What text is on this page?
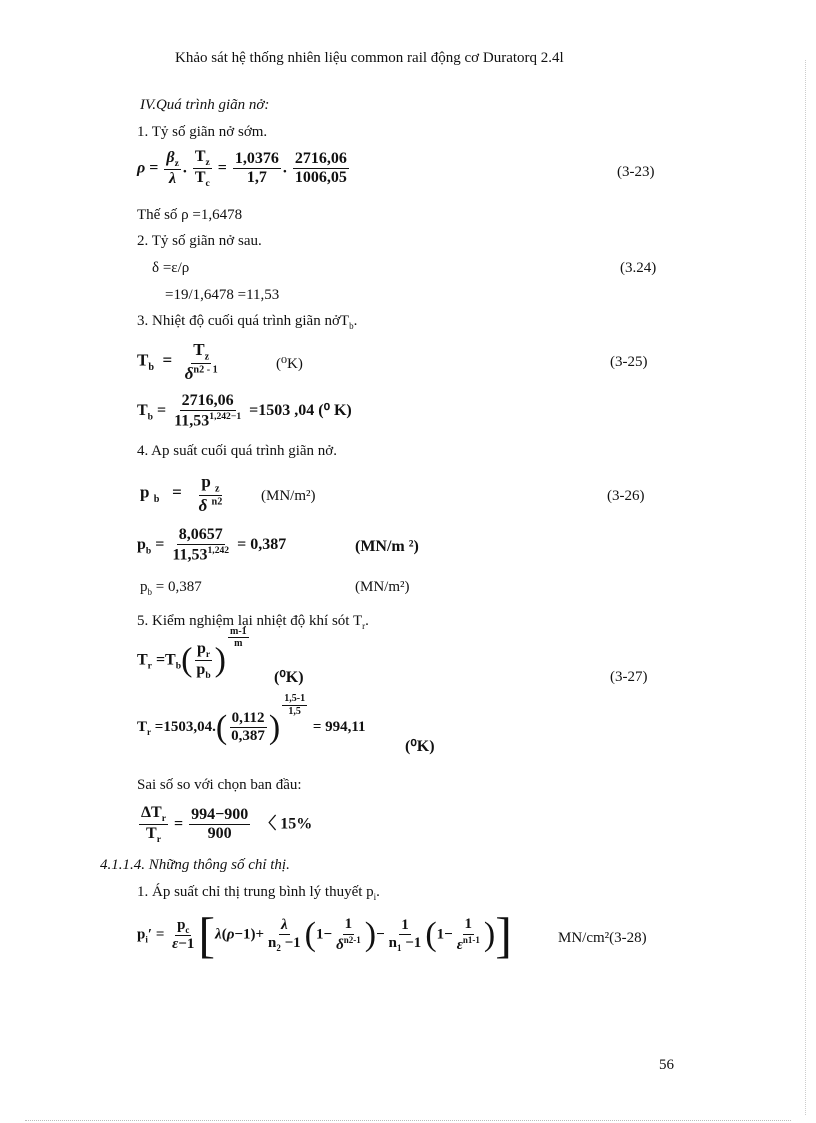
Khảo sát hệ thống nhiên liệu common rail động cơ Duratorq 2.4l
IV.Quá trình giãn nở:
1. Tỷ số giãn nở sớm.
$\rho = \frac{\beta_z}{\lambda}$ . $\frac{T_z}{T_c} = \frac{1,0376}{1,7}$ . $\frac{2716,06}{1006,05}$	(3-23)
Thế số ρ =1,6478
2. Tỷ số giãn nở sau.
δ =ε/ρ	(3.24)
=19/1,6478 =11,53
3. Nhiệt độ cuối quá trình giãn nởT$_b$.
$T_b = \frac{T_z}{\delta^{n2 - 1}}$	(⁰K)	(3-25)
$T_b = \frac{2716,06}{11,53^{1,242-1}} =1503$ ,04 (⁰ K)
4. Ap suất cuối quá trình giãn nở.
p $_b = \frac{p _z}{\delta ^{n2}} (MN/m^2)$	(3-26)
$p_b = \frac{8,0657}{11,53^{1,242}} = 0,387$	(MN/m ²)
$p_b = 0,387$	(MN/m²)
5. Kiểm nghiệm lại nhiệt độ khí sót $T_r$.
$T_r =T_b( \frac{p_r}{p_b}$ )
$^{\frac{m-1}{m}}$
(⁰K)	(3-27)
$T_r =1503,04.( \frac{0,112}{0,387}$ )
$^{\frac{1,5-1}{1,5}}$
= 994,11
(⁰K)
Sai số so với chọn ban đầu:
$\frac{\Delta T_r}{T_r} = \frac{994-900}{900}$ 〈 15%
4.1.1.4. Những thông số chỉ thị.
1. Áp suất chỉ thị trung bình lý thuyết $p_i$.
$p_i' = \frac{p_c}{\varepsilon-1} [\lambda(\rho-1)+ \frac{\lambda}{n_2 -1} (1- \frac{1}{\delta^{n2-1}}$ )− $\frac{1}{n_1 -1} (1- \frac{1}{\varepsilon^{n1-1}}$ )]	MN/cm²(3-28)
56
